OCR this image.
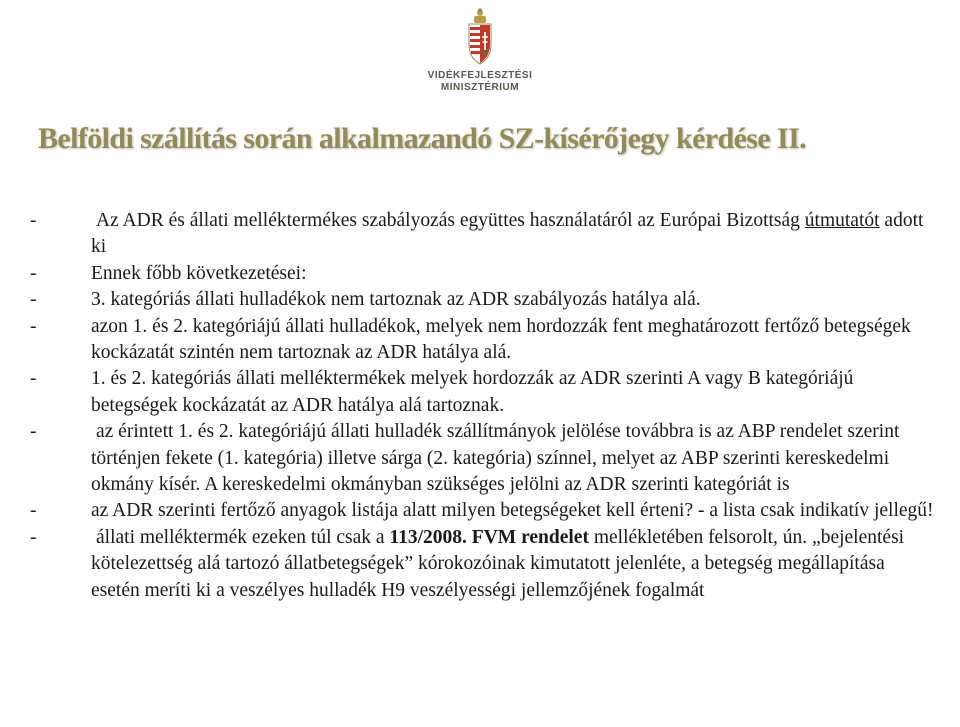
VIDÉKFEJLESZTÉSI
MINISZTÉRIUM
Belföldi szállítás során alkalmazandó SZ-kísérőjegy kérdése II.
-	Az ADR és állati melléktermékes szabályozás együttes használatáról az Európai Bizottság útmutatót adott ki
-	Ennek főbb következetései:
-	3. kategóriás állati hulladékok nem tartoznak az ADR szabályozás hatálya alá.
-	azon 1. és 2. kategóriájú állati hulladékok, melyek nem hordozzák fent meghatározott fertőző betegségek kockázatát szintén nem tartoznak az ADR hatálya alá.
-	1. és 2. kategóriás állati melléktermékek melyek hordozzák az ADR szerinti A vagy B kategóriájú betegségek kockázatát az ADR hatálya alá tartoznak.
-	az érintett 1. és 2. kategóriájú állati hulladék szállítmányok jelölése továbbra is az ABP rendelet szerint történjen fekete (1. kategória) illetve sárga (2. kategória) színnel, melyet az ABP szerinti kereskedelmi okmány kísér. A kereskedelmi okmányban szükséges jelölni az ADR szerinti kategóriát is
-	az ADR szerinti fertőző anyagok listája alatt milyen betegségeket kell érteni? - a lista csak indikatív jellegű!
-	állati melléktermék ezeken túl csak a 113/2008. FVM rendelet mellékletében felsorolt, ún. „bejelentési kötelezettség alá tartozó állatbetegségek” kórokozóinak kimutatott jelenléte, a betegség megállapítása esetén meríti ki a veszélyes hulladék H9 veszélyességi jellemzőjének fogalmát
